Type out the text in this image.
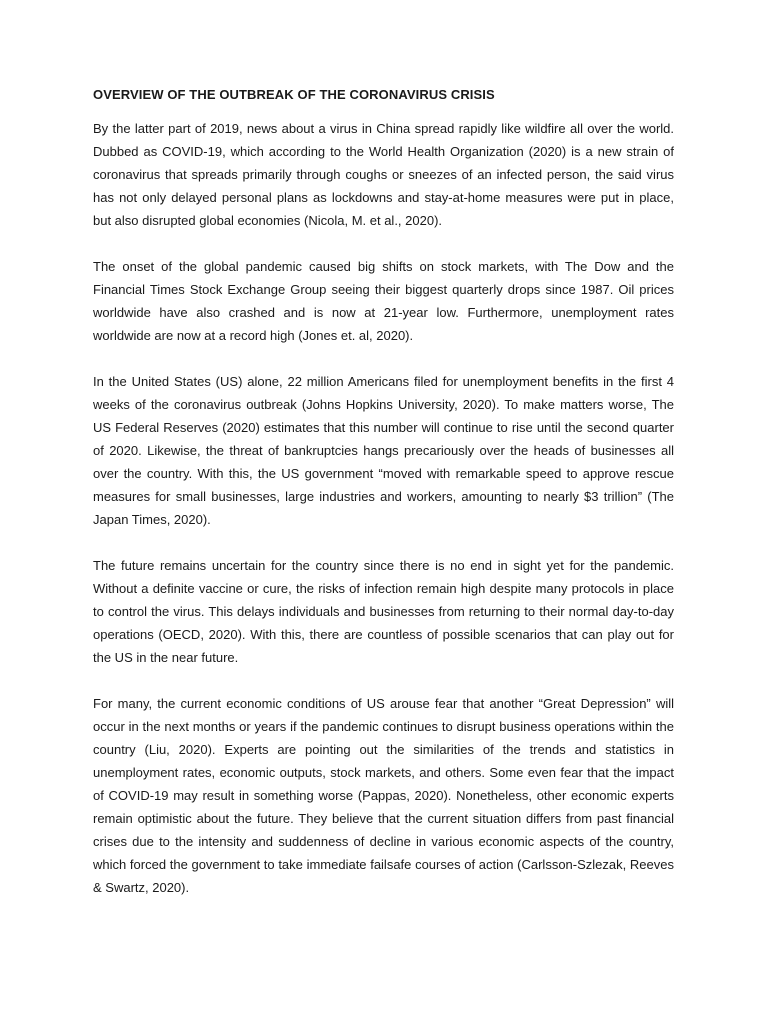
OVERVIEW OF THE OUTBREAK OF THE CORONAVIRUS CRISIS

By the latter part of 2019, news about a virus in China spread rapidly like wildfire all over the world. Dubbed as COVID-19, which according to the World Health Organization (2020) is a new strain of coronavirus that spreads primarily through coughs or sneezes of an infected person, the said virus has not only delayed personal plans as lockdowns and stay-at-home measures were put in place, but also disrupted global economies (Nicola, M. et al., 2020).

The onset of the global pandemic caused big shifts on stock markets, with The Dow and the Financial Times Stock Exchange Group seeing their biggest quarterly drops since 1987. Oil prices worldwide have also crashed and is now at 21-year low. Furthermore, unemployment rates worldwide are now at a record high (Jones et. al, 2020).

In the United States (US) alone, 22 million Americans filed for unemployment benefits in the first 4 weeks of the coronavirus outbreak (Johns Hopkins University, 2020). To make matters worse, The US Federal Reserves (2020) estimates that this number will continue to rise until the second quarter of 2020. Likewise, the threat of bankruptcies hangs precariously over the heads of businesses all over the country. With this, the US government “moved with remarkable speed to approve rescue measures for small businesses, large industries and workers, amounting to nearly $3 trillion” (The Japan Times, 2020).

The future remains uncertain for the country since there is no end in sight yet for the pandemic. Without a definite vaccine or cure, the risks of infection remain high despite many protocols in place to control the virus. This delays individuals and businesses from returning to their normal day-to-day operations (OECD, 2020). With this, there are countless of possible scenarios that can play out for the US in the near future.

For many, the current economic conditions of US arouse fear that another “Great Depression” will occur in the next months or years if the pandemic continues to disrupt business operations within the country (Liu, 2020). Experts are pointing out the similarities of the trends and statistics in unemployment rates, economic outputs, stock markets, and others. Some even fear that the impact of COVID-19 may result in something worse (Pappas, 2020). Nonetheless, other economic experts remain optimistic about the future. They believe that the current situation differs from past financial crises due to the intensity and suddenness of decline in various economic aspects of the country, which forced the government to take immediate failsafe courses of action (Carlsson-Szlezak, Reeves & Swartz, 2020).
